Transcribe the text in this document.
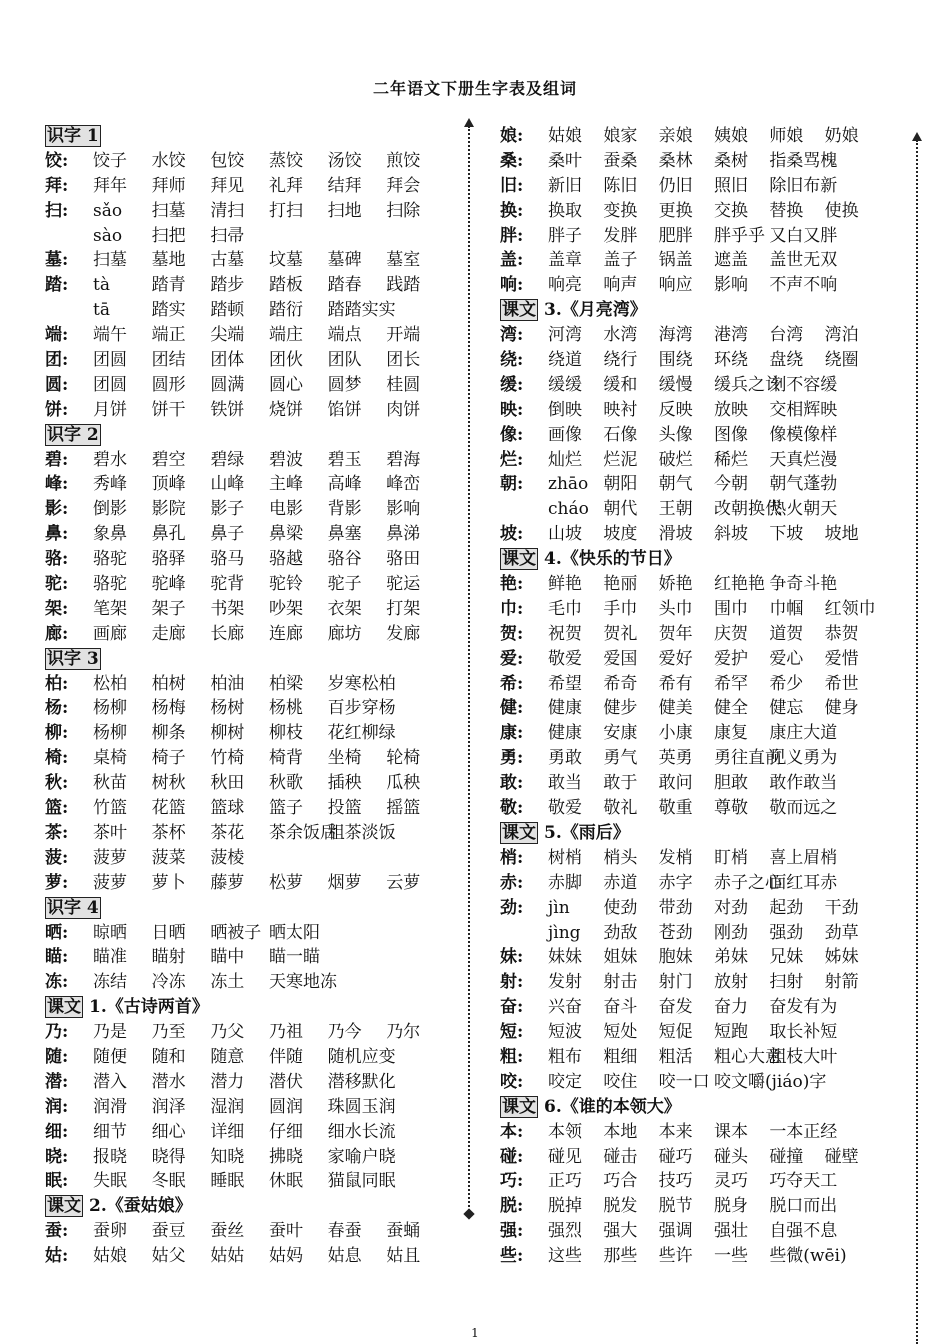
二年语文下册生字表及组词
识字 1
饺: 饺子 水饺 包饺 蒸饺 汤饺 煎饺
拜: 拜年 拜师 拜见 礼拜 结拜 拜会
扫: sǎo 扫墓 清扫 打扫 扫地 扫除
sào 扫把 扫帚
墓: 扫墓 墓地 古墓 坟墓 墓碑 墓室
踏: tà 踏青 踏步 踏板 踏春 践踏
tā 踏实 踏顿 踏衍 踏踏实实
端: 端午 端正 尖端 端庄 端点 开端
团: 团圆 团结 团体 团伙 团队 团长
圆: 团圆 圆形 圆满 圆心 圆梦 桂圆
饼: 月饼 饼干 铁饼 烧饼 馅饼 肉饼
识字 2
碧: 碧水 碧空 碧绿 碧波 碧玉 碧海
峰: 秀峰 顶峰 山峰 主峰 高峰 峰峦
影: 倒影 影院 影子 电影 背影 影响
鼻: 象鼻 鼻孔 鼻子 鼻梁 鼻塞 鼻涕
骆: 骆驼 骆驿 骆马 骆越 骆谷 骆田
驼: 骆驼 驼峰 驼背 驼铃 驼子 驼运
架: 笔架 架子 书架 吵架 衣架 打架
廊: 画廊 走廊 长廊 连廊 廊坊 发廊
识字 3
柏: 松柏 柏树 柏油 柏梁 岁寒松柏
杨: 杨柳 杨梅 杨树 杨桃 百步穿杨
柳: 杨柳 柳条 柳树 柳枝 花红柳绿
椅: 桌椅 椅子 竹椅 椅背 坐椅 轮椅
秋: 秋苗 树秋 秋田 秋歌 插秧 瓜秧
篮: 竹篮 花篮 篮球 篮子 投篮 摇篮
茶: 茶叶 茶杯 茶花 茶余饭后粗茶淡饭
菠: 菠萝 菠菜 菠棱
萝: 菠萝 萝卜 藤萝 松萝 烟萝 云萝
识字 4
晒: 晾晒 日晒 晒被子 晒太阳
瞄: 瞄准 瞄射 瞄中 瞄一瞄
冻: 冻结 冷冻 冻土 天寒地冻
课文 1.《古诗两首》
乃: 乃是 乃至 乃父 乃祖 乃今 乃尔
随: 随便 随和 随意 伴随 随机应变
潜: 潜入 潜水 潜力 潜伏 潜移默化
润: 润滑 润泽 湿润 圆润 珠圆玉润
细: 细节 细心 详细 仔细 细水长流
晓: 报晓 晓得 知晓 拂晓 家喻户晓
眠: 失眠 冬眠 睡眠 休眠 猫鼠同眠
课文 2.《蚕姑娘》
蚕: 蚕卵 蚕豆 蚕丝 蚕叶 春蚕 蚕蛹
姑: 姑娘 姑父 姑姑 姑妈 姑息 姑且
娘: 姑娘 娘家 亲娘 姨娘 师娘 奶娘
桑: 桑叶 蚕桑 桑林 桑树 指桑骂槐
旧: 新旧 陈旧 仍旧 照旧 除旧布新
换: 换取 变换 更换 交换 替换 使换
胖: 胖子 发胖 肥胖 胖乎乎 又白又胖
盖: 盖章 盖子 锅盖 遮盖 盖世无双
响: 响亮 响声 响应 影响 不声不响
课文 3.《月亮湾》
湾: 河湾 水湾 海湾 港湾 台湾 湾泊
绕: 绕道 绕行 围绕 环绕 盘绕 绕圈
缓: 缓缓 缓和 缓慢 缓兵之计刻不容缓
映: 倒映 映衬 反映 放映 交相辉映
像: 画像 石像 头像 图像 像模像样
烂: 灿烂 烂泥 破烂 稀烂 天真烂漫
朝: zhāo 朝阳 朝气 今朝 朝气蓬勃
cháo 朝代 王朝 改朝换代热火朝天
坡: 山坡 坡度 滑坡 斜坡 下坡 坡地
课文 4.《快乐的节日》
艳: 鲜艳 艳丽 娇艳 红艳艳 争奇斗艳
巾: 毛巾 手巾 头巾 围巾 巾帼 红领巾
贺: 祝贺 贺礼 贺年 庆贺 道贺 恭贺
爱: 敬爱 爱国 爱好 爱护 爱心 爱惜
希: 希望 希奇 希有 希罕 希少 希世
健: 健康 健步 健美 健全 健忘 健身
康: 健康 安康 小康 康复 康庄大道
勇: 勇敢 勇气 英勇 勇往直前见义勇为
敢: 敢当 敢于 敢问 胆敢 敢作敢当
敬: 敬爱 敬礼 敬重 尊敬 敬而远之
课文 5.《雨后》
梢: 树梢 梢头 发梢 盯梢 喜上眉梢
赤: 赤脚 赤道 赤字 赤子之心面红耳赤
劲: jìn 使劲 带劲 对劲 起劲 干劲
jìng 劲敌 苍劲 刚劲 强劲 劲草
妹: 妹妹 姐妹 胞妹 弟妹 兄妹 姊妹
射: 发射 射击 射门 放射 扫射 射箭
奋: 兴奋 奋斗 奋发 奋力 奋发有为
短: 短波 短处 短促 短跑 取长补短
粗: 粗布 粗细 粗活 粗心大意粗枝大叶
咬: 咬定 咬住 咬一口 咬文嚼(jiáo)字
课文 6.《谁的本领大》
本: 本领 本地 本来 课本 一本正经
碰: 碰见 碰击 碰巧 碰头 碰撞 碰壁
巧: 正巧 巧合 技巧 灵巧 巧夺天工
脱: 脱掉 脱发 脱节 脱身 脱口而出
强: 强烈 强大 强调 强壮 自强不息
些: 这些 那些 些许 一些 些微(wēi)
1
